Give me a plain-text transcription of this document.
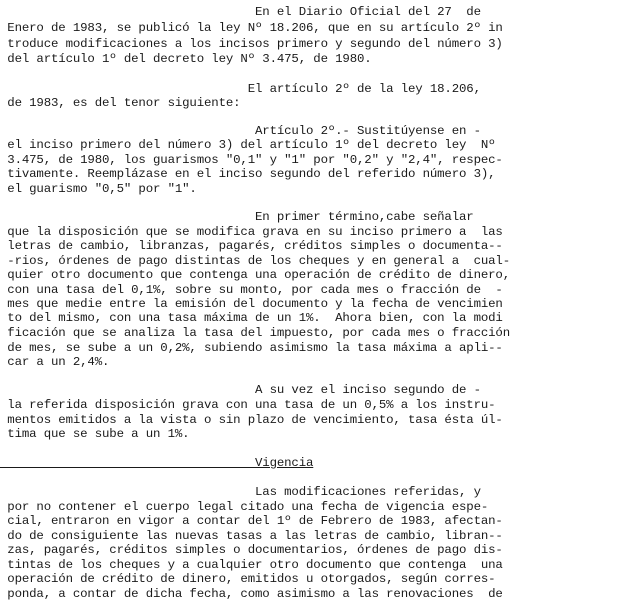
En el Diario Oficial del 27  de

Enero de 1983, se publicó la ley Nº 18.206, que en su artículo 2º in

troduce modificaciones a los incisos primero y segundo del número 3)

del artículo 1º del decreto ley Nº 3.475, de 1980.

El artículo 2º de la ley 18.206,

de 1983, es del tenor siguiente:

Artículo 2º.- Sustitúyense en -

el inciso primero del número 3) del artículo 1º del decreto ley  Nº

3.475, de 1980, los guarismos "0,1" y "1" por "0,2" y "2,4", respec-

tivamente. Reemplázase en el inciso segundo del referido número 3),

el guarismo "0,5" por "1".

En primer término,cabe señalar

que la disposición que se modifica grava en su inciso primero a  las

letras de cambio, libranzas, pagarés, créditos simples o documenta--

-rios, órdenes de pago distintas de los cheques y en general a  cual-

quier otro documento que contenga una operación de crédito de dinero,

con una tasa del 0,1%, sobre su monto, por cada mes o fracción de  -

mes que medie entre la emisión del documento y la fecha de vencimien

to del mismo, con una tasa máxima de un 1%.  Ahora bien, con la modi

ficación que se analiza la tasa del impuesto, por cada mes o fracción

de mes, se sube a un 0,2%, subiendo asimismo la tasa máxima a apli--

car a un 2,4%.

A su vez el inciso segundo de -

la referida disposición grava con una tasa de un 0,5% a los instru-

mentos emitidos a la vista o sin plazo de vencimiento, tasa ésta úl-

tima que se sube a un 1%.

Vigencia

Las modificaciones referidas, y

por no contener el cuerpo legal citado una fecha de vigencia espe-

cial, entraron en vigor a contar del 1º de Febrero de 1983, afectan-

do de consiguiente las nuevas tasas a las letras de cambio, libran--

zas, pagarés, créditos simples o documentarios, órdenes de pago dis-

tintas de los cheques y a cualquier otro documento que contenga  una

operación de crédito de dinero, emitidos u otorgados, según corres-

ponda, a contar de dicha fecha, como asimismo a las renovaciones  de
